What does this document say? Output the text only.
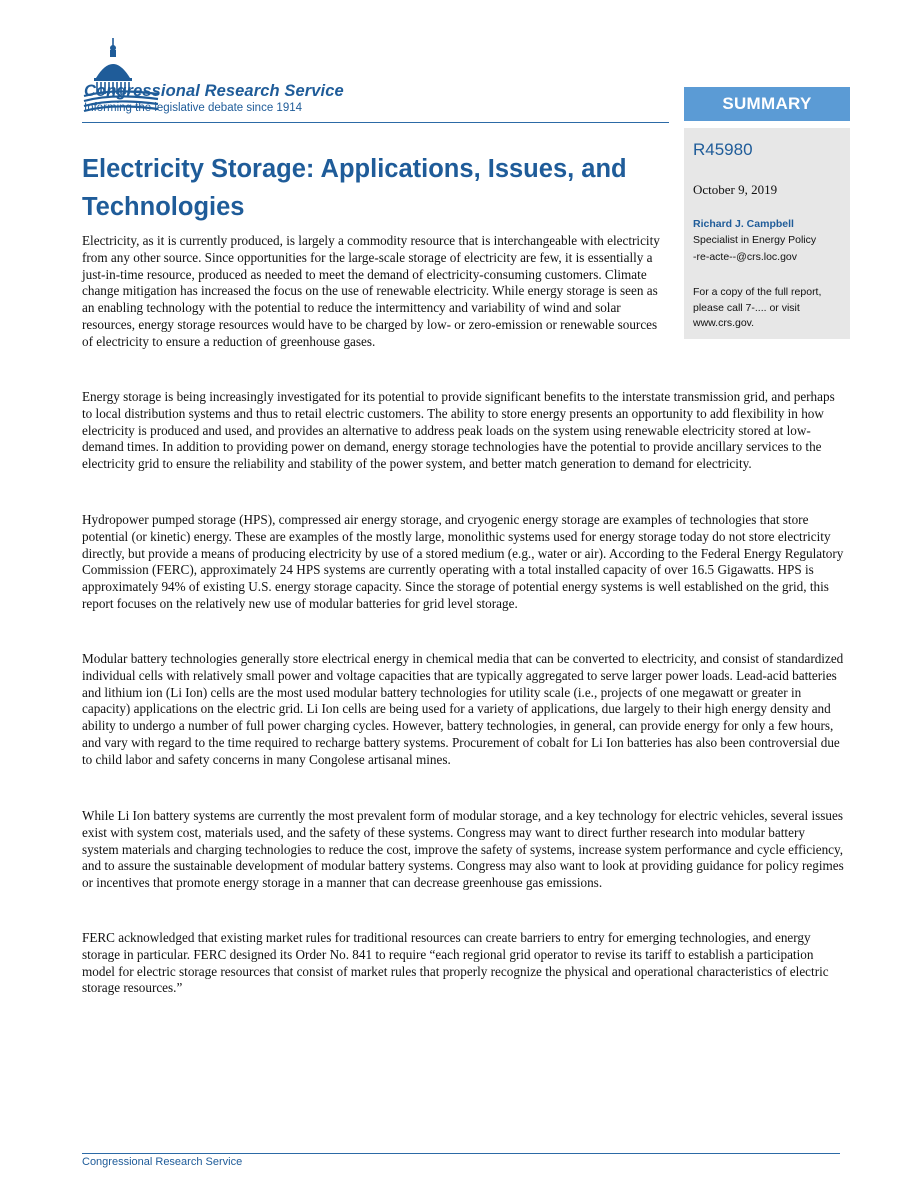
Congressional Research Service
Informing the legislative debate since 1914	SUMMARY
R45980
October 9, 2019
Richard J. Campbell
Specialist in Energy Policy
-re-acte--@crs.loc.gov
For a copy of the full report, please call 7-.... or visit www.crs.gov.
Electricity Storage: Applications, Issues, and Technologies

Electricity, as it is currently produced, is largely a commodity resource that is interchangeable with electricity from any other source. Since opportunities for the large-scale storage of electricity are few, it is essentially a just-in-time resource, produced as needed to meet the demand of electricity-consuming customers. Climate change mitigation has increased the focus on the use of renewable electricity. While energy storage is seen as an enabling technology with the potential to reduce the intermittency and variability of wind and solar resources, energy storage resources would have to be charged by low- or zero-emission or renewable sources of electricity to ensure a reduction of greenhouse gases.

Energy storage is being increasingly investigated for its potential to provide significant benefits to the interstate transmission grid, and perhaps to local distribution systems and thus to retail electric customers. The ability to store energy presents an opportunity to add flexibility in how electricity is produced and used, and provides an alternative to address peak loads on the system using renewable electricity stored at low-demand times. In addition to providing power on demand, energy storage technologies have the potential to provide ancillary services to the electricity grid to ensure the reliability and stability of the power system, and better match generation to demand for electricity.

Hydropower pumped storage (HPS), compressed air energy storage, and cryogenic energy storage are examples of technologies that store potential (or kinetic) energy. These are examples of the mostly large, monolithic systems used for energy storage today do not store electricity directly, but provide a means of producing electricity by use of a stored medium (e.g., water or air). According to the Federal Energy Regulatory Commission (FERC), approximately 24 HPS systems are currently operating with a total installed capacity of over 16.5 Gigawatts. HPS is approximately 94% of existing U.S. energy storage capacity. Since the storage of potential energy systems is well established on the grid, this report focuses on the relatively new use of modular batteries for grid level storage.

Modular battery technologies generally store electrical energy in chemical media that can be converted to electricity, and consist of standardized individual cells with relatively small power and voltage capacities that are typically aggregated to serve larger power loads. Lead-acid batteries and lithium ion (Li Ion) cells are the most used modular battery technologies for utility scale (i.e., projects of one megawatt or greater in capacity) applications on the electric grid. Li Ion cells are being used for a variety of applications, due largely to their high energy density and ability to undergo a number of full power charging cycles. However, battery technologies, in general, can provide energy for only a few hours, and vary with regard to the time required to recharge battery systems. Procurement of cobalt for Li Ion batteries has also been controversial due to child labor and safety concerns in many Congolese artisanal mines.

While Li Ion battery systems are currently the most prevalent form of modular storage, and a key technology for electric vehicles, several issues exist with system cost, materials used, and the safety of these systems. Congress may want to direct further research into modular battery system materials and charging technologies to reduce the cost, improve the safety of systems, increase system performance and cycle efficiency, and to assure the sustainable development of modular battery systems. Congress may also want to look at providing guidance for policy regimes or incentives that promote energy storage in a manner that can decrease greenhouse gas emissions.

FERC acknowledged that existing market rules for traditional resources can create barriers to entry for emerging technologies, and energy storage in particular. FERC designed its Order No. 841 to require “each regional grid operator to revise its tariff to establish a participation model for electric storage resources that consist of market rules that properly recognize the physical and operational characteristics of electric storage resources.”

Congressional Research Service
